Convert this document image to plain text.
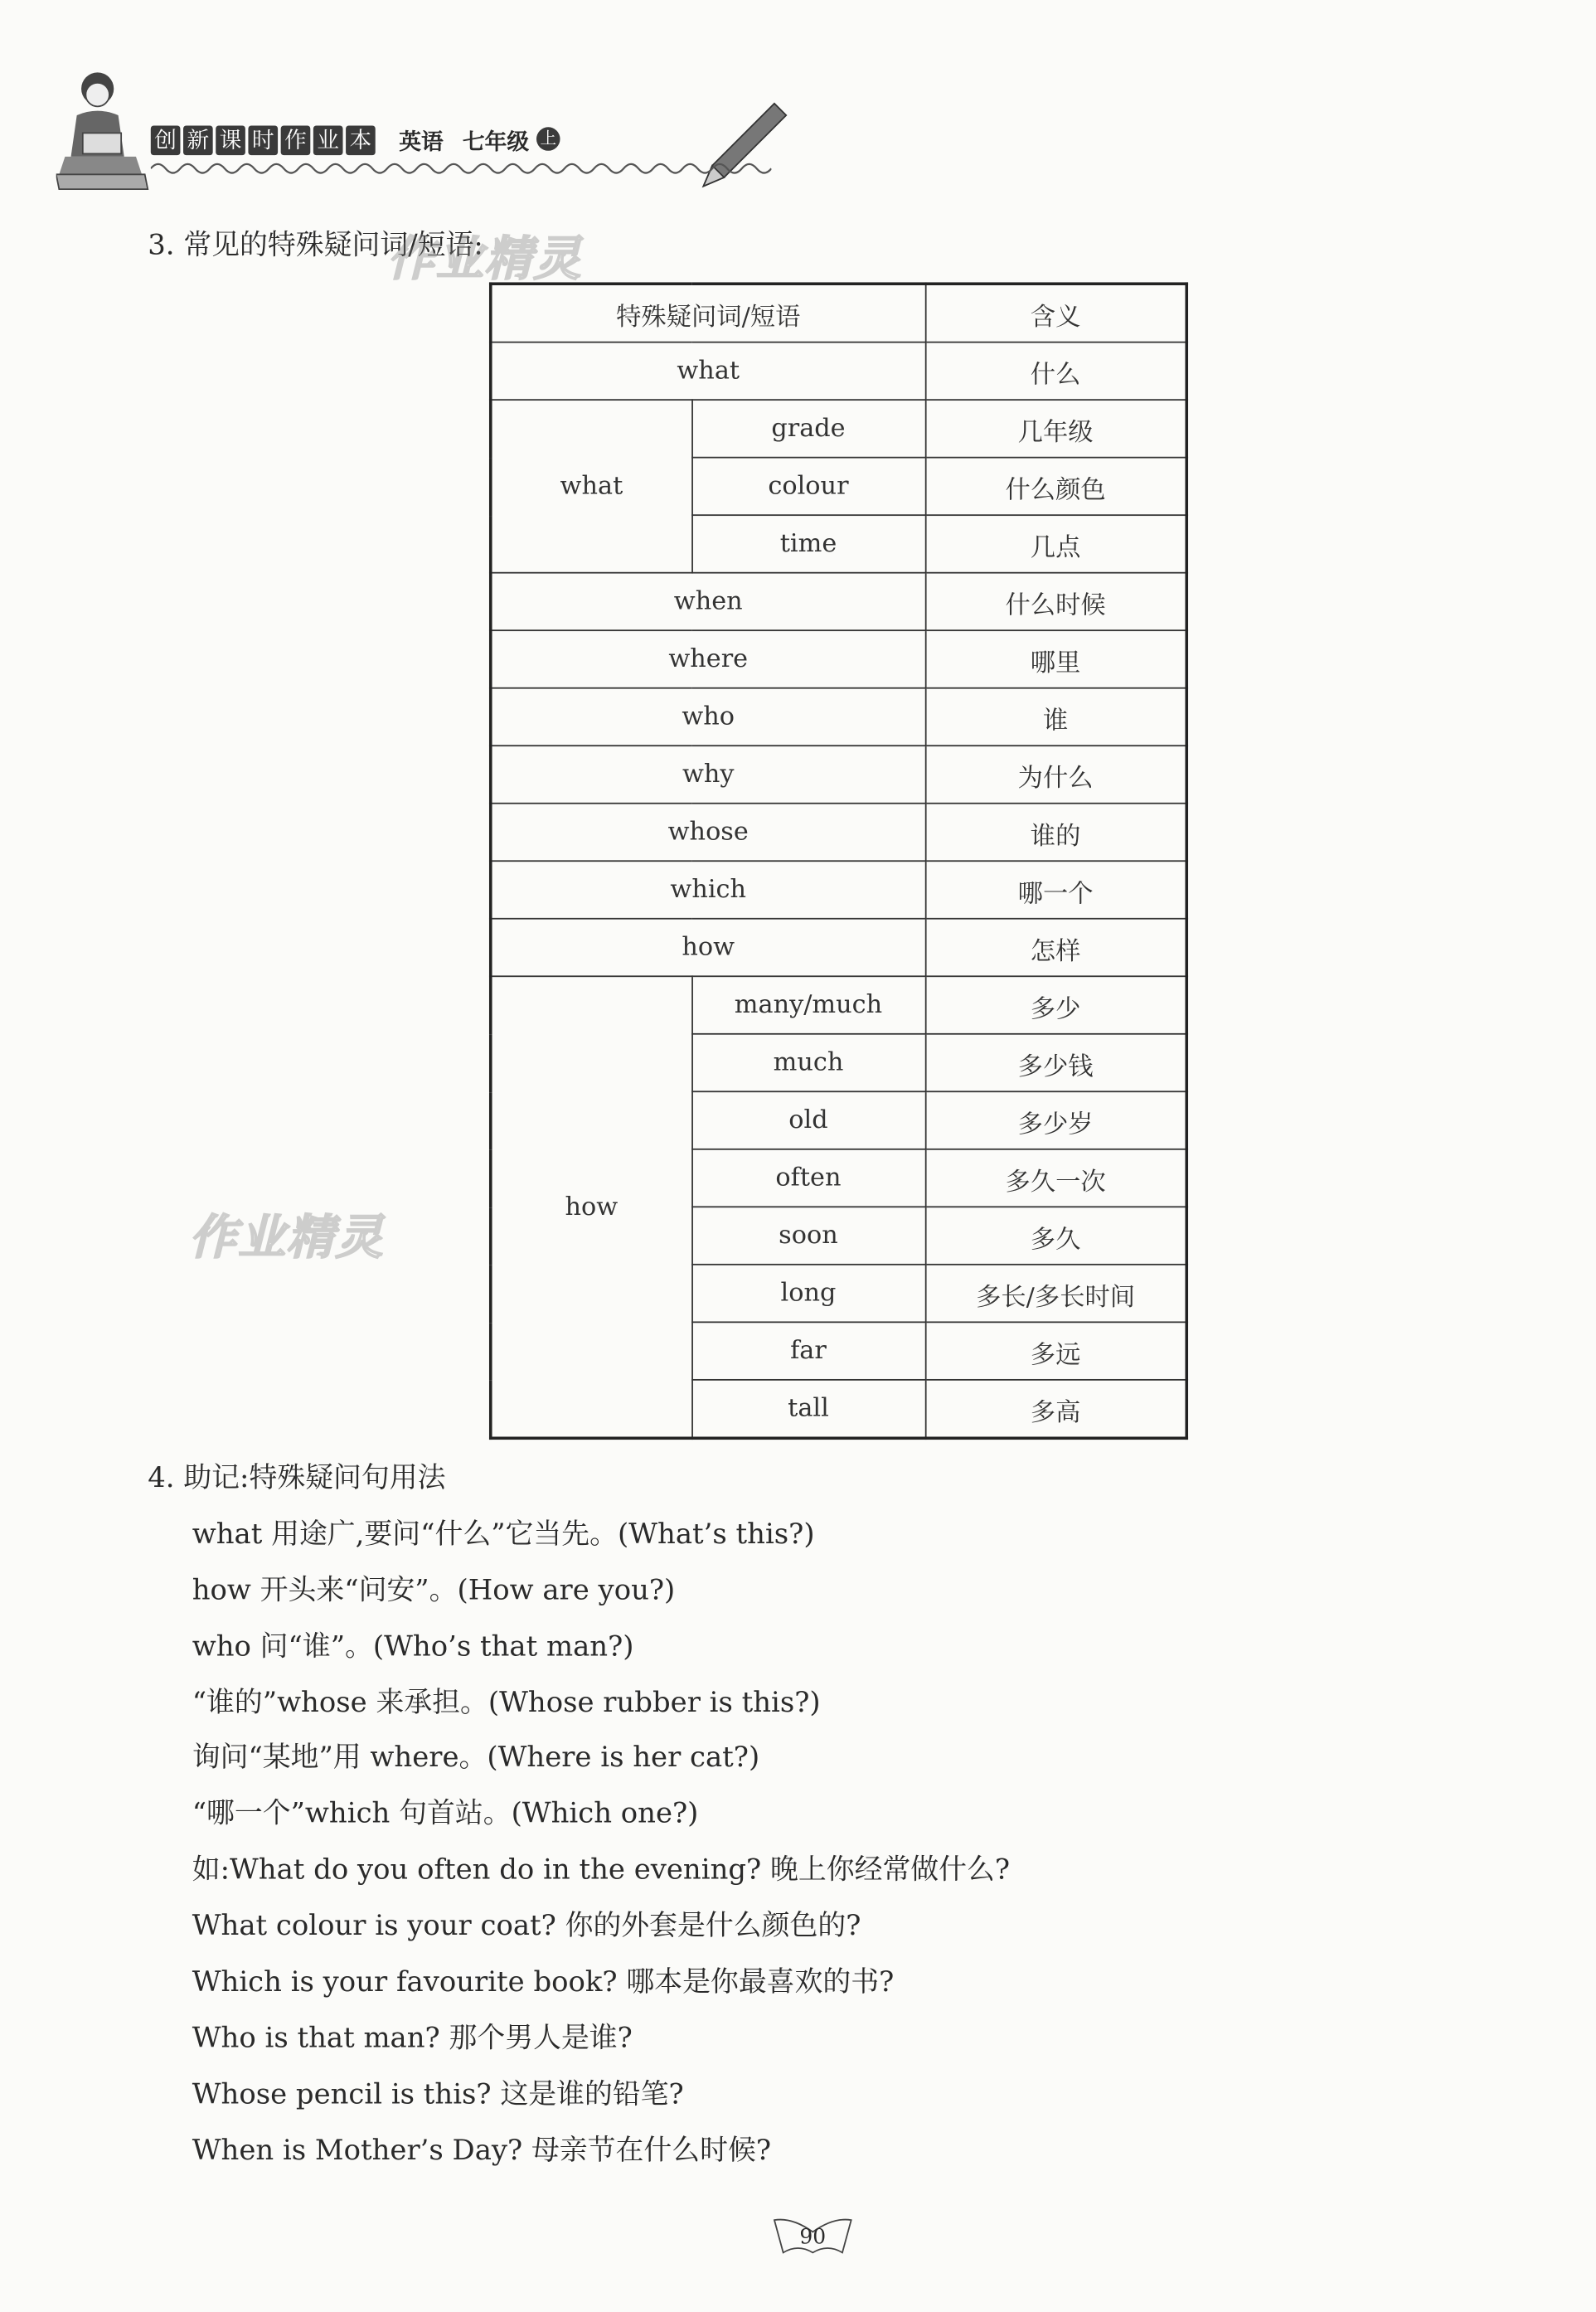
创 新 课 时 作 业 本 英语 七年级	上
3. 常见的特殊疑问词/短语:
作业精灵
特殊疑问词/短语		含义
what		什么
what	grade	几年级
	colour	什么颜色
	time	几点
when		什么时候
where		哪里
who		谁
why		为什么
whose		谁的
which		哪一个
how		怎样
how	many/much	多少
	much	多少钱
	old	多少岁
	often	多久一次
	soon	多久
	long	多长/多长时间
	far	多远
	tall	多高
作业精灵
4. 助记:特殊疑问句用法
what 用途广,要问“什么”它当先。(What’s this?)
how 开头来“问安”。(How are you?)
who 问“谁”。(Who’s that man?)
“谁的”whose 来承担。(Whose rubber is this?)
询问“某地”用 where。(Where is her cat?)
“哪一个”which 句首站。(Which one?)
如:What do you often do in the evening? 晚上你经常做什么?
What colour is your coat? 你的外套是什么颜色的?
Which is your favourite book? 哪本是你最喜欢的书?
Who is that man? 那个男人是谁?
Whose pencil is this? 这是谁的铅笔?
When is Mother’s Day? 母亲节在什么时候?
90
